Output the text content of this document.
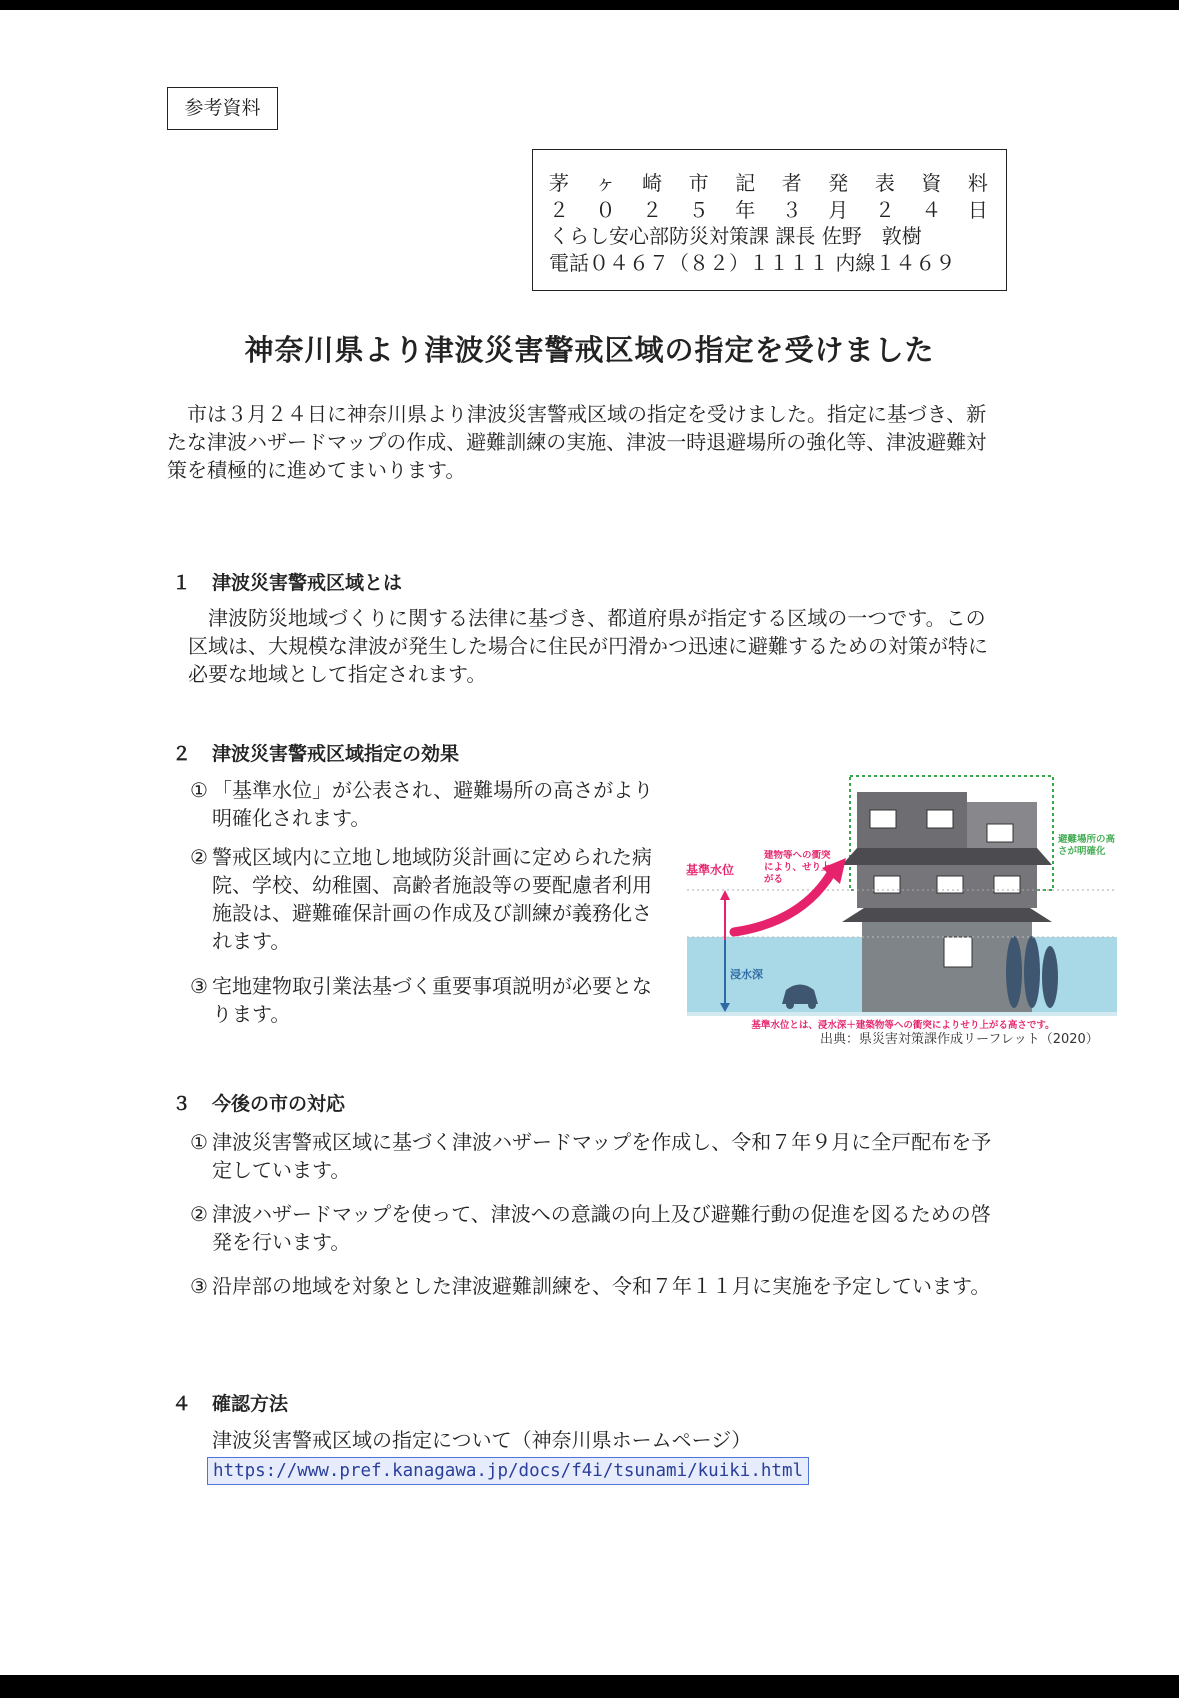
参考資料
茅 ヶ 崎 市 記 者 発 表 資 料
２ ０ ２ ５ 年 ３ 月 ２ ４ 日
くらし安心部防災対策課 課長 佐野　敦樹
電話０４６７（８２）１１１１ 内線１４６９
神奈川県より津波災害警戒区域の指定を受けました
　市は３月２４日に神奈川県より津波災害警戒区域の指定を受けました。指定に基づき、新たな津波ハザードマップの作成、避難訓練の実施、津波一時退避場所の強化等、津波避難対策を積極的に進めてまいります。
１ 津波災害警戒区域とは
　津波防災地域づくりに関する法律に基づき、都道府県が指定する区域の一つです。この区域は、大規模な津波が発生した場合に住民が円滑かつ迅速に避難するための対策が特に必要な地域として指定されます。
２ 津波災害警戒区域指定の効果
① 「基準水位」が公表され、避難場所の高さがより明確化されます。
② 警戒区域内に立地し地域防災計画に定められた病院、学校、幼稚園、高齢者施設等の要配慮者利用施設は、避難確保計画の作成及び訓練が義務化されます。
③ 宅地建物取引業法基づく重要事項説明が必要となります。
基準水位
建物等への衝突により、せり上がる
浸水深
避難場所の高さが明確化
基準水位とは、浸水深＋建築物等への衝突によりせり上がる高さです。
出典：県災害対策課作成リーフレット（2020）
３ 今後の市の対応
① 津波災害警戒区域に基づく津波ハザードマップを作成し、令和７年９月に全戸配布を予定しています。
② 津波ハザードマップを使って、津波への意識の向上及び避難行動の促進を図るための啓発を行います。
③ 沿岸部の地域を対象とした津波避難訓練を、令和７年１１月に実施を予定しています。
４ 確認方法
津波災害警戒区域の指定について（神奈川県ホームページ）
https://www.pref.kanagawa.jp/docs/f4i/tsunami/kuiki.html
